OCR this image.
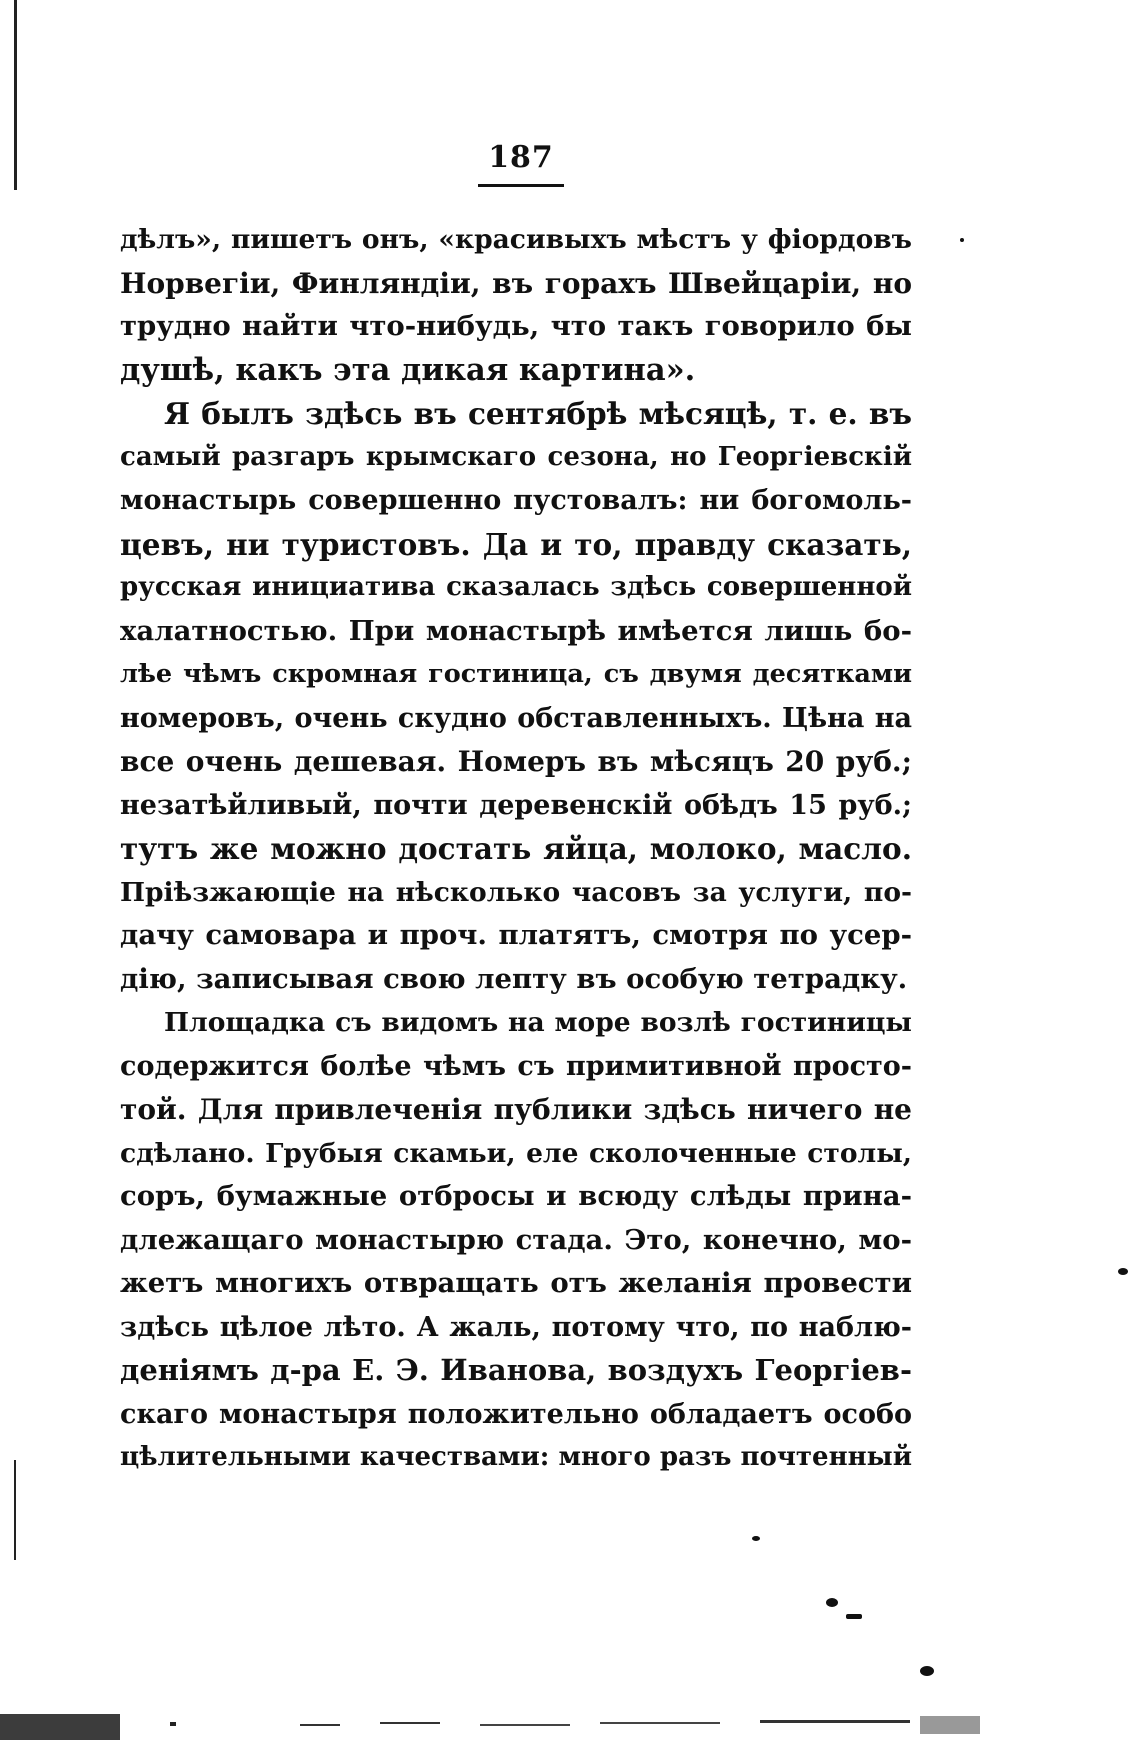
187
дѣлъ», пишетъ онъ, «красивыхъ мѣстъ у фіордовъ
Норвегіи, Финляндіи, въ горахъ Швейцаріи, но
трудно найти что-нибудь, что такъ говорило бы
душѣ, какъ эта дикая картина».
Я былъ здѣсь въ сентябрѣ мѣсяцѣ, т. е. въ
самый разгаръ крымскаго сезона, но Георгіевскій
монастырь совершенно пустовалъ: ни богомоль-
цевъ, ни туристовъ. Да и то, правду сказать,
русская инициатива сказалась здѣсь совершенной
халатностью. При монастырѣ имѣется лишь бо-
лѣе чѣмъ скромная гостиница, съ двумя десятками
номеровъ, очень скудно обставленныхъ. Цѣна на
все очень дешевая. Номеръ въ мѣсяцъ 20 руб.;
незатѣйливый, почти деревенскій обѣдъ 15 руб.;
тутъ же можно достать яйца, молоко, масло.
Пріѣзжающіе на нѣсколько часовъ за услуги, по-
дачу самовара и проч. платятъ, смотря по усер-
дію, записывая свою лепту въ особую тетрадку.
Площадка съ видомъ на море возлѣ гостиницы
содержится болѣе чѣмъ съ примитивной просто-
той. Для привлеченія публики здѣсь ничего не
сдѣлано. Грубыя скамьи, еле сколоченные столы,
соръ, бумажные отбросы и всюду слѣды прина-
длежащаго монастырю стада. Это, конечно, мо-
жетъ многихъ отвращать отъ желанія провести
здѣсь цѣлое лѣто. А жаль, потому что, по наблю-
деніямъ д-ра Е. Э. Иванова, воздухъ Георгіев-
скаго монастыря положительно обладаетъ особо
цѣлительными качествами: много разъ почтенный
